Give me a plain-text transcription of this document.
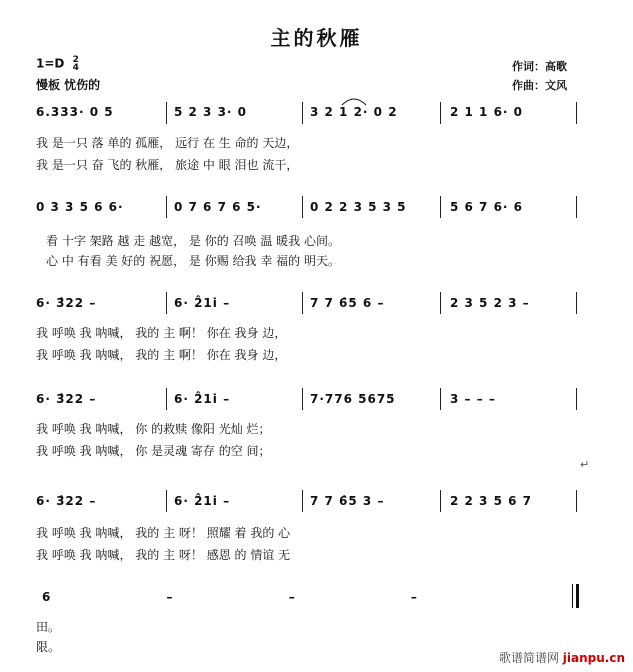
主的秋雁
1=D 2
4
慢板 忧伤的
作词：高歌
作曲：文风
6.333· 0 5	5 2 3 3· 0	3 2 1 2· 0 2	2 1 1 6· 0
我 是一只 落 单的 孤雁， 远行 在 生 命的 天边，
我 是一只 奋 飞的 秋雁， 旅途 中 眼 泪也 流干，
0 3 3 5 6 6·	0 7 6 7 6 5·	0 2 2 3 5 3 5	5 6 7 6· 6
看 十字 架路 越 走 越宽， 是 你的 召唤 温 暖我 心间。
心 中 有看 美 好的 祝愿， 是 你赐 给我 幸 福的 明天。
6· 3̂22 –	6· 2̂1i –	7 7 6̂5 6 –	2 3 5 2 3 –
我 呼唤 我 呐喊， 我的 主 啊！ 你在 我身 边，
我 呼唤 我 呐喊， 我的 主 啊！ 你在 我身 边，
6· 3̂22 –	6· 2̂1i –	7·776 5675	3 – – –
我 呼唤 我 呐喊， 你 的救赎 像阳 光灿 烂；
我 呼唤 我 呐喊， 你 是灵魂 寄存 的空 间；
↵
6· 3̂22 –	6· 2̂1i –	7 7 6̂5 3 –	2 2 3 5 6 7
我 呼唤 我 呐喊， 我的 主 呀！ 照耀 着 我的 心
我 呼唤 我 呐喊， 我的 主 呀！ 感恩 的 情谊 无
6 – – –
田。
限。
歌谱简谱网 jianpu.cn
